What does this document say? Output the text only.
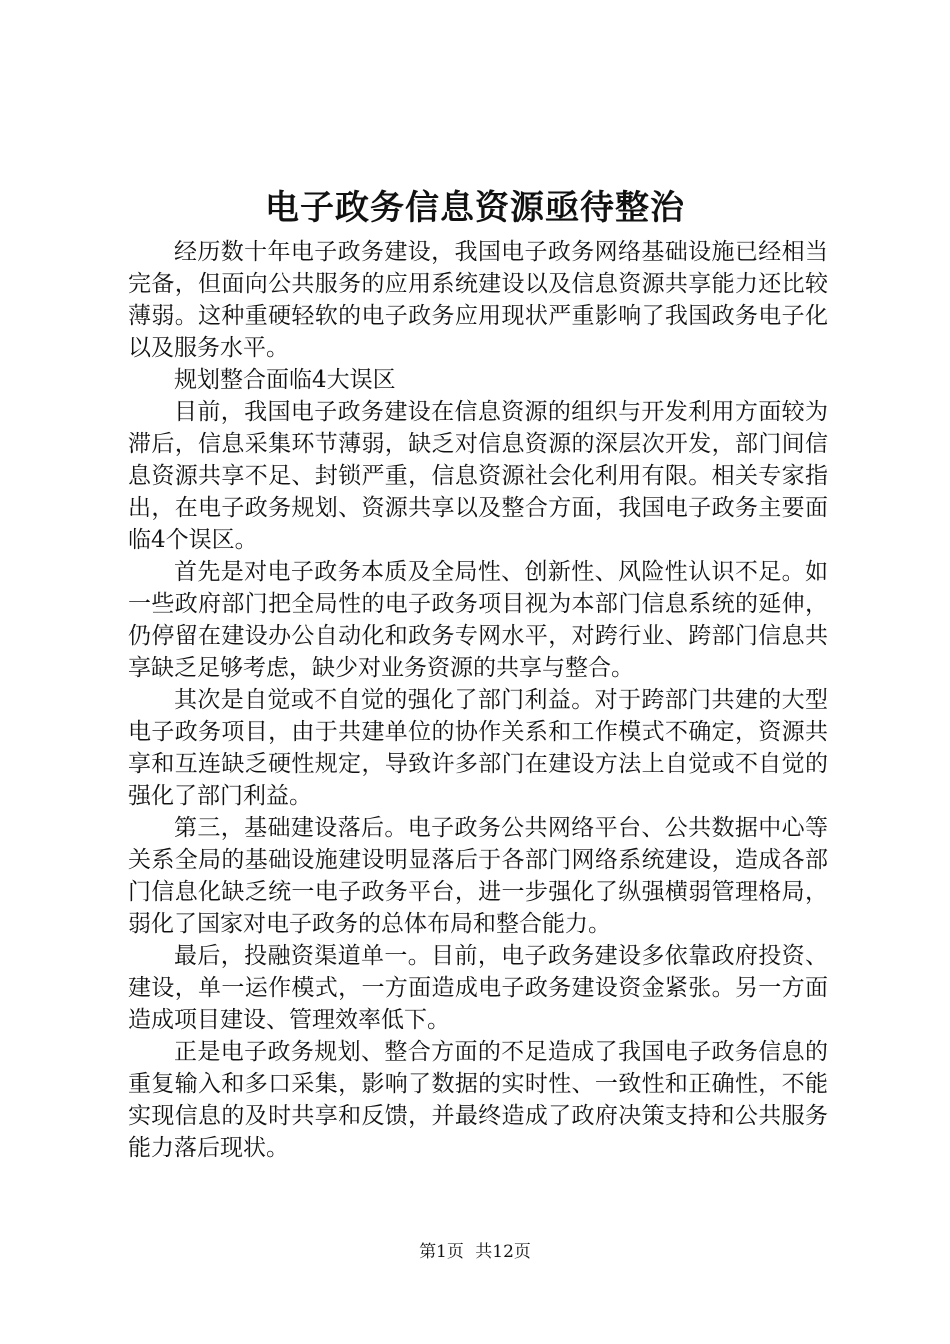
电子政务信息资源亟待整治

经历数十年电子政务建设，我国电子政务网络基础设施已经相当完备，但面向公共服务的应用系统建设以及信息资源共享能力还比较薄弱。这种重硬轻软的电子政务应用现状严重影响了我国政务电子化以及服务水平。

规划整合面临4大误区

目前，我国电子政务建设在信息资源的组织与开发利用方面较为滞后，信息采集环节薄弱，缺乏对信息资源的深层次开发，部门间信息资源共享不足、封锁严重，信息资源社会化利用有限。相关专家指出，在电子政务规划、资源共享以及整合方面，我国电子政务主要面临4个误区。

首先是对电子政务本质及全局性、创新性、风险性认识不足。如一些政府部门把全局性的电子政务项目视为本部门信息系统的延伸，仍停留在建设办公自动化和政务专网水平，对跨行业、跨部门信息共享缺乏足够考虑，缺少对业务资源的共享与整合。

其次是自觉或不自觉的强化了部门利益。对于跨部门共建的大型电子政务项目，由于共建单位的协作关系和工作模式不确定，资源共享和互连缺乏硬性规定，导致许多部门在建设方法上自觉或不自觉的强化了部门利益。

第三，基础建设落后。电子政务公共网络平台、公共数据中心等关系全局的基础设施建设明显落后于各部门网络系统建设，造成各部门信息化缺乏统一电子政务平台，进一步强化了纵强横弱管理格局，弱化了国家对电子政务的总体布局和整合能力。

最后，投融资渠道单一。目前，电子政务建设多依靠政府投资、建设，单一运作模式，一方面造成电子政务建设资金紧张。另一方面造成项目建设、管理效率低下。

正是电子政务规划、整合方面的不足造成了我国电子政务信息的重复输入和多口采集，影响了数据的实时性、一致性和正确性，不能实现信息的及时共享和反馈，并最终造成了政府决策支持和公共服务能力落后现状。

第1页 共12页
